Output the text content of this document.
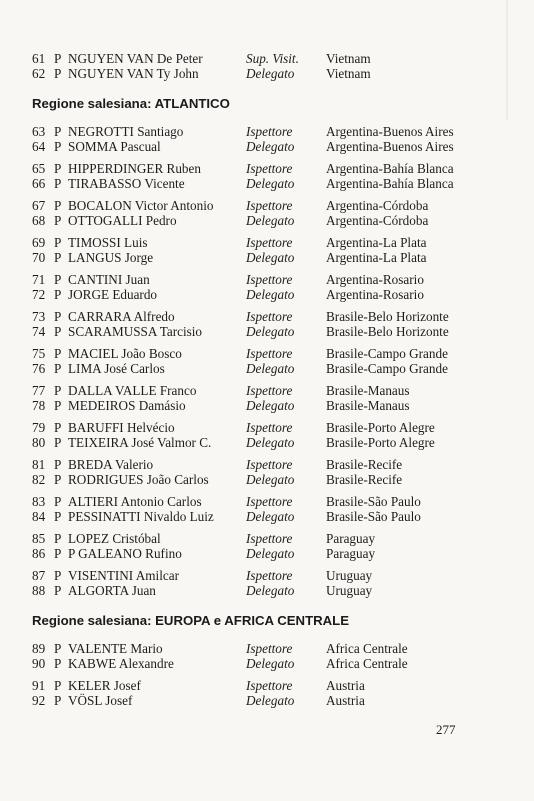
61 P NGUYEN VAN De Peter	Sup. Visit.	Vietnam
62 P NGUYEN VAN Ty John	Delegato	Vietnam
Regione salesiana: ATLANTICO
63 P NEGROTTI Santiago	Ispettore	Argentina-Buenos Aires
64 P SOMMA Pascual	Delegato	Argentina-Buenos Aires
65 P HIPPERDINGER Ruben	Ispettore	Argentina-Bahía Blanca
66 P TIRABASSO Vicente	Delegato	Argentina-Bahía Blanca
67 P BOCALON Victor Antonio	Ispettore	Argentina-Córdoba
68 P OTTOGALLI Pedro	Delegato	Argentina-Córdoba
69 P TIMOSSI Luis	Ispettore	Argentina-La Plata
70 P LANGUS Jorge	Delegato	Argentina-La Plata
71 P CANTINI Juan	Ispettore	Argentina-Rosario
72 P JORGE Eduardo	Delegato	Argentina-Rosario
73 P CARRARA Alfredo	Ispettore	Brasile-Belo Horizonte
74 P SCARAMUSSA Tarcisio	Delegato	Brasile-Belo Horizonte
75 P MACIEL João Bosco	Ispettore	Brasile-Campo Grande
76 P LIMA José Carlos	Delegato	Brasile-Campo Grande
77 P DALLA VALLE Franco	Ispettore	Brasile-Manaus
78 P MEDEIROS Damásio	Delegato	Brasile-Manaus
79 P BARUFFI Helvécio	Ispettore	Brasile-Porto Alegre
80 P TEIXEIRA José Valmor C.	Delegato	Brasile-Porto Alegre
81 P BREDA Valerio	Ispettore	Brasile-Recife
82 P RODRIGUES João Carlos	Delegato	Brasile-Recife
83 P ALTIERI Antonio Carlos	Ispettore	Brasile-São Paulo
84 P PESSINATTI Nivaldo Luiz	Delegato	Brasile-São Paulo
85 P LOPEZ Cristóbal	Ispettore	Paraguay
86 P P GALEANO Rufino	Delegato	Paraguay
87 P VISENTINI Amilcar	Ispettore	Uruguay
88 P ALGORTA Juan	Delegato	Uruguay
Regione salesiana: EUROPA e AFRICA CENTRALE
89 P VALENTE Mario	Ispettore	Africa Centrale
90 P KABWE Alexandre	Delegato	Africa Centrale
91 P KELER Josef	Ispettore	Austria
92 P VÖSL Josef	Delegato	Austria
277
